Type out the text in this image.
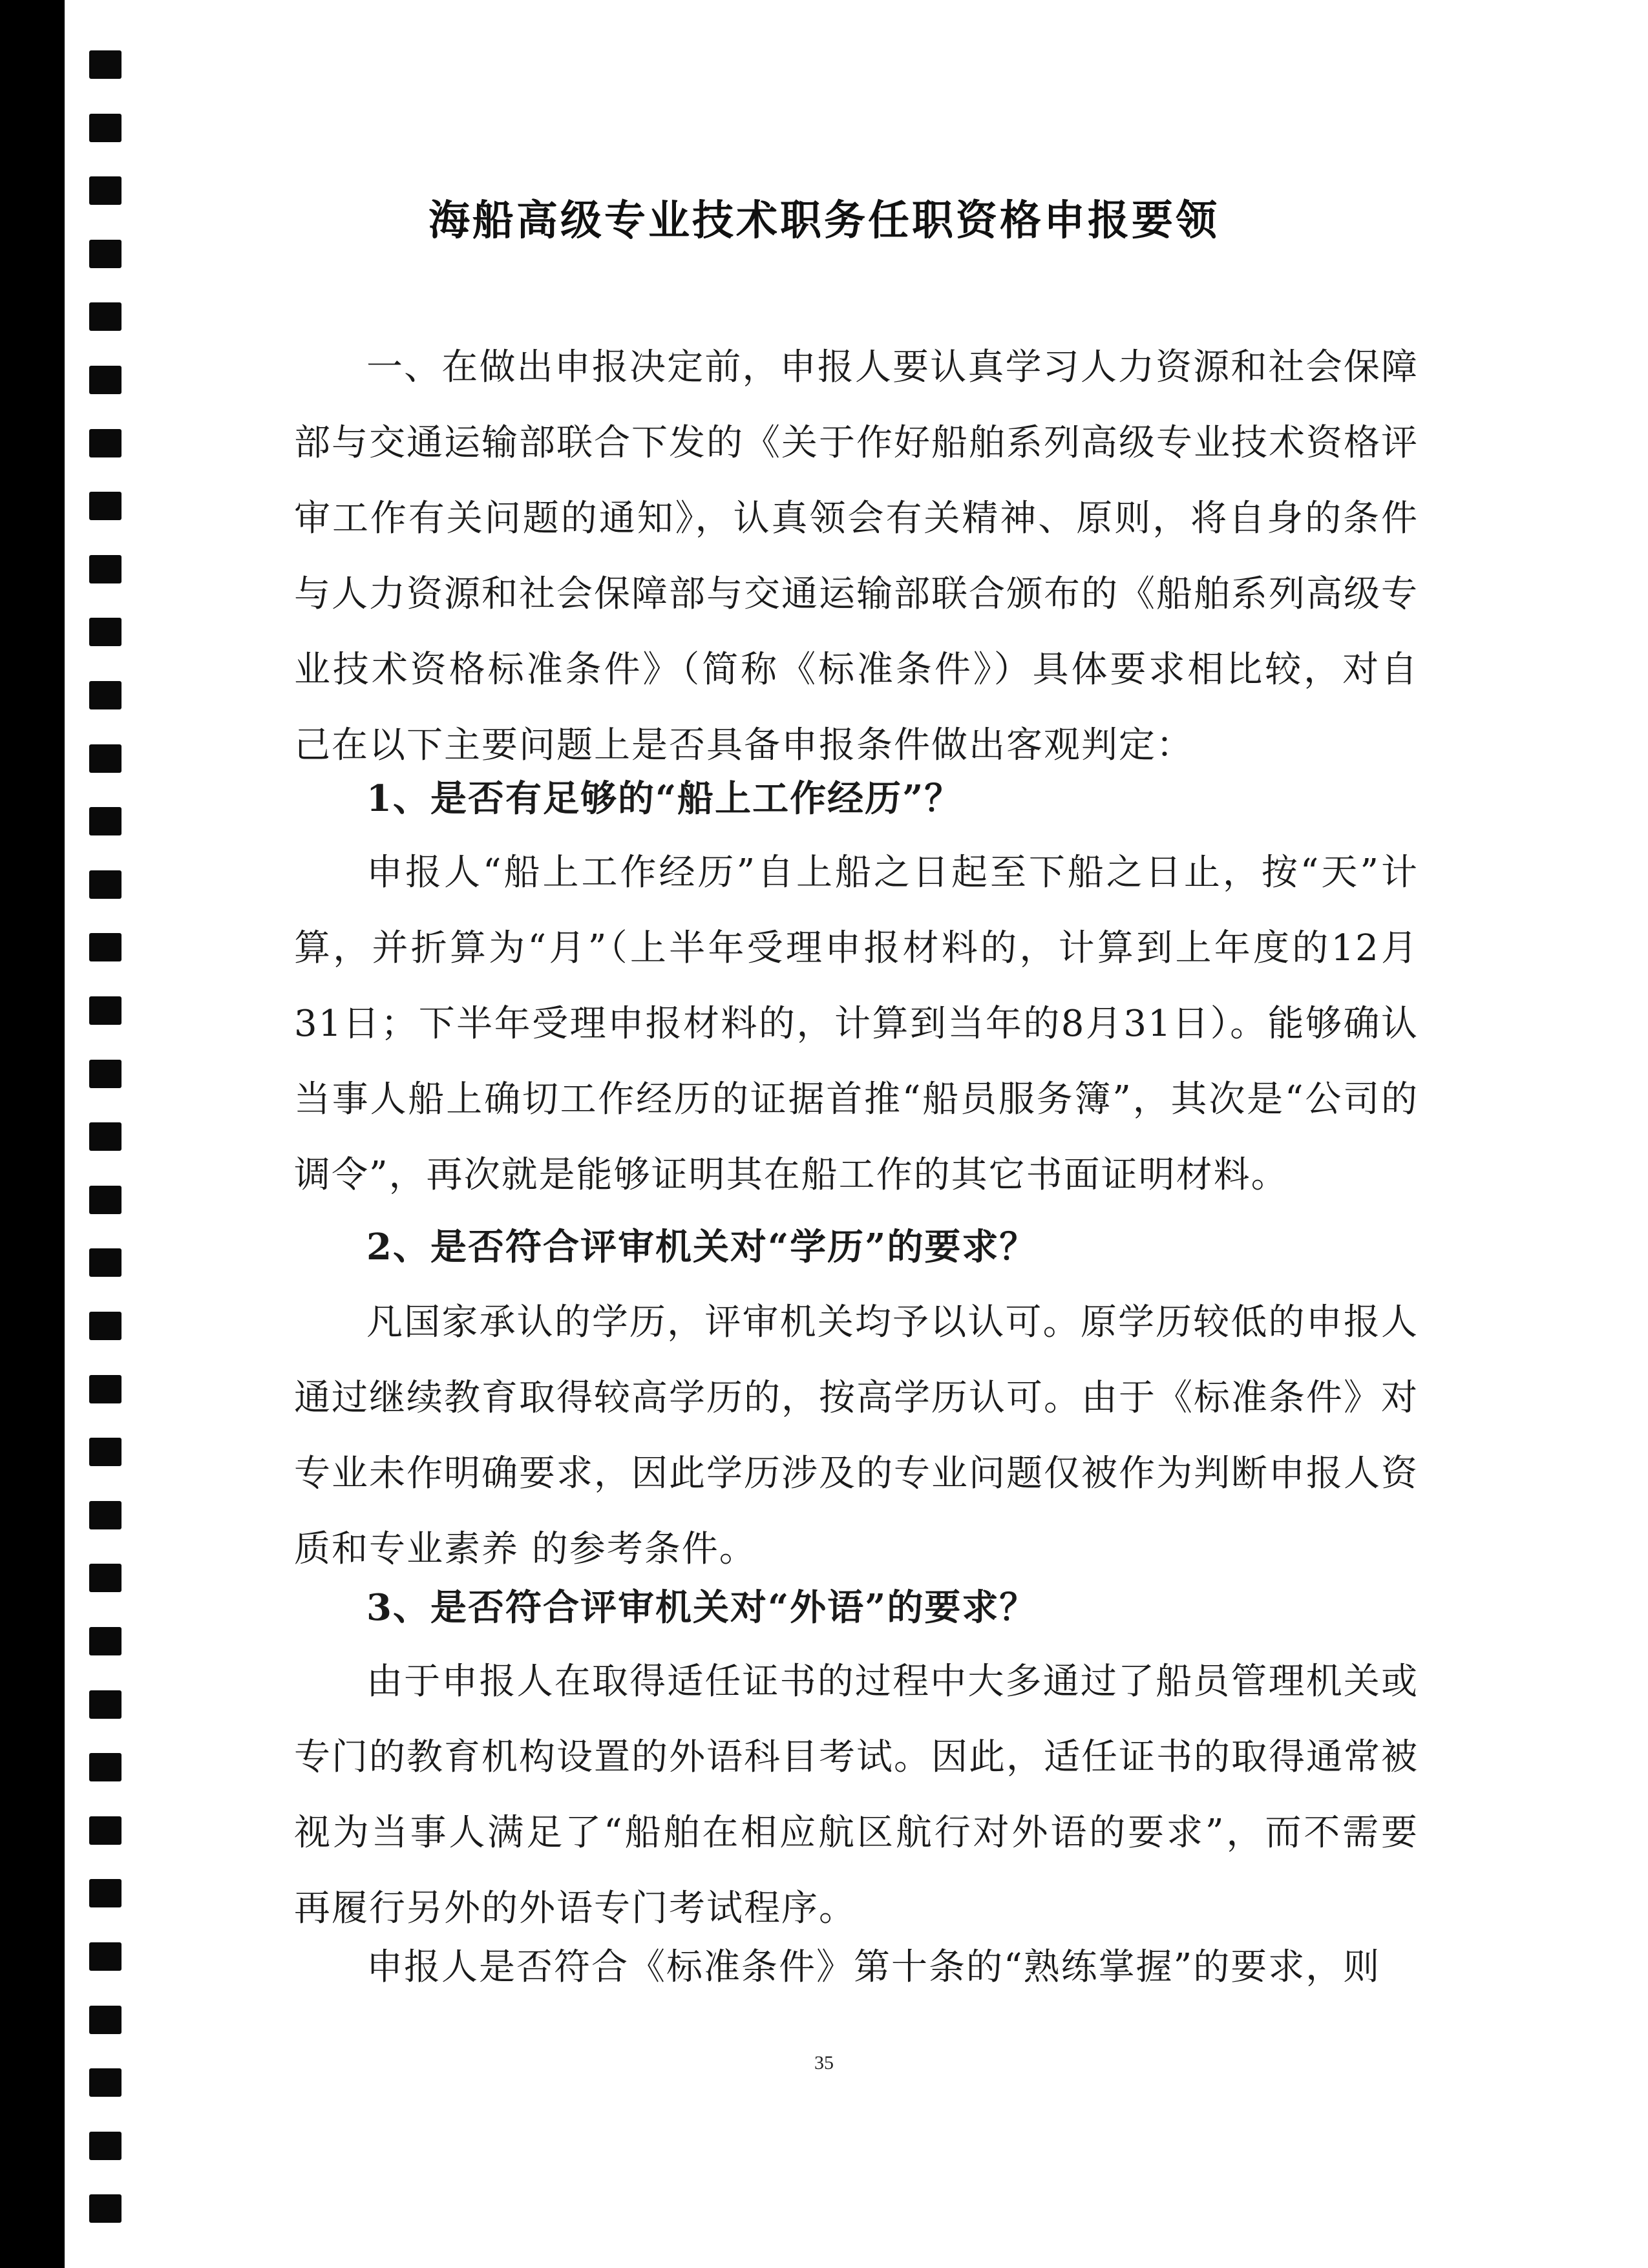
海船高级专业技术职务任职资格申报要领

一、在做出申报决定前，申报人要认真学习人力资源和社会保障部与交通运输部联合下发的《关于作好船舶系列高级专业技术资格评审工作有关问题的通知》，认真领会有关精神、原则，将自身的条件与人力资源和社会保障部与交通运输部联合颁布的《船舶系列高级专业技术资格标准条件》（简称《标准条件》）具体要求相比较，对自己在以下主要问题上是否具备申报条件做出客观判定：

1、是否有足够的“船上工作经历”？

申报人“船上工作经历”自上船之日起至下船之日止，按“天”计算，并折算为“月”（上半年受理申报材料的，计算到上年度的12月31日；下半年受理申报材料的，计算到当年的8月31日）。能够确认当事人船上确切工作经历的证据首推“船员服务簿”，其次是“公司的调令”，再次就是能够证明其在船工作的其它书面证明材料。

2、是否符合评审机关对“学历”的要求？

凡国家承认的学历，评审机关均予以认可。原学历较低的申报人通过继续教育取得较高学历的，按高学历认可。由于《标准条件》对专业未作明确要求，因此学历涉及的专业问题仅被作为判断申报人资质和专业素养 的参考条件。

3、是否符合评审机关对“外语”的要求？

由于申报人在取得适任证书的过程中大多通过了船员管理机关或专门的教育机构设置的外语科目考试。因此，适任证书的取得通常被视为当事人满足了“船舶在相应航区航行对外语的要求”，而不需要再履行另外的外语专门考试程序。

申报人是否符合《标准条件》第十条的“熟练掌握”的要求，则

35
